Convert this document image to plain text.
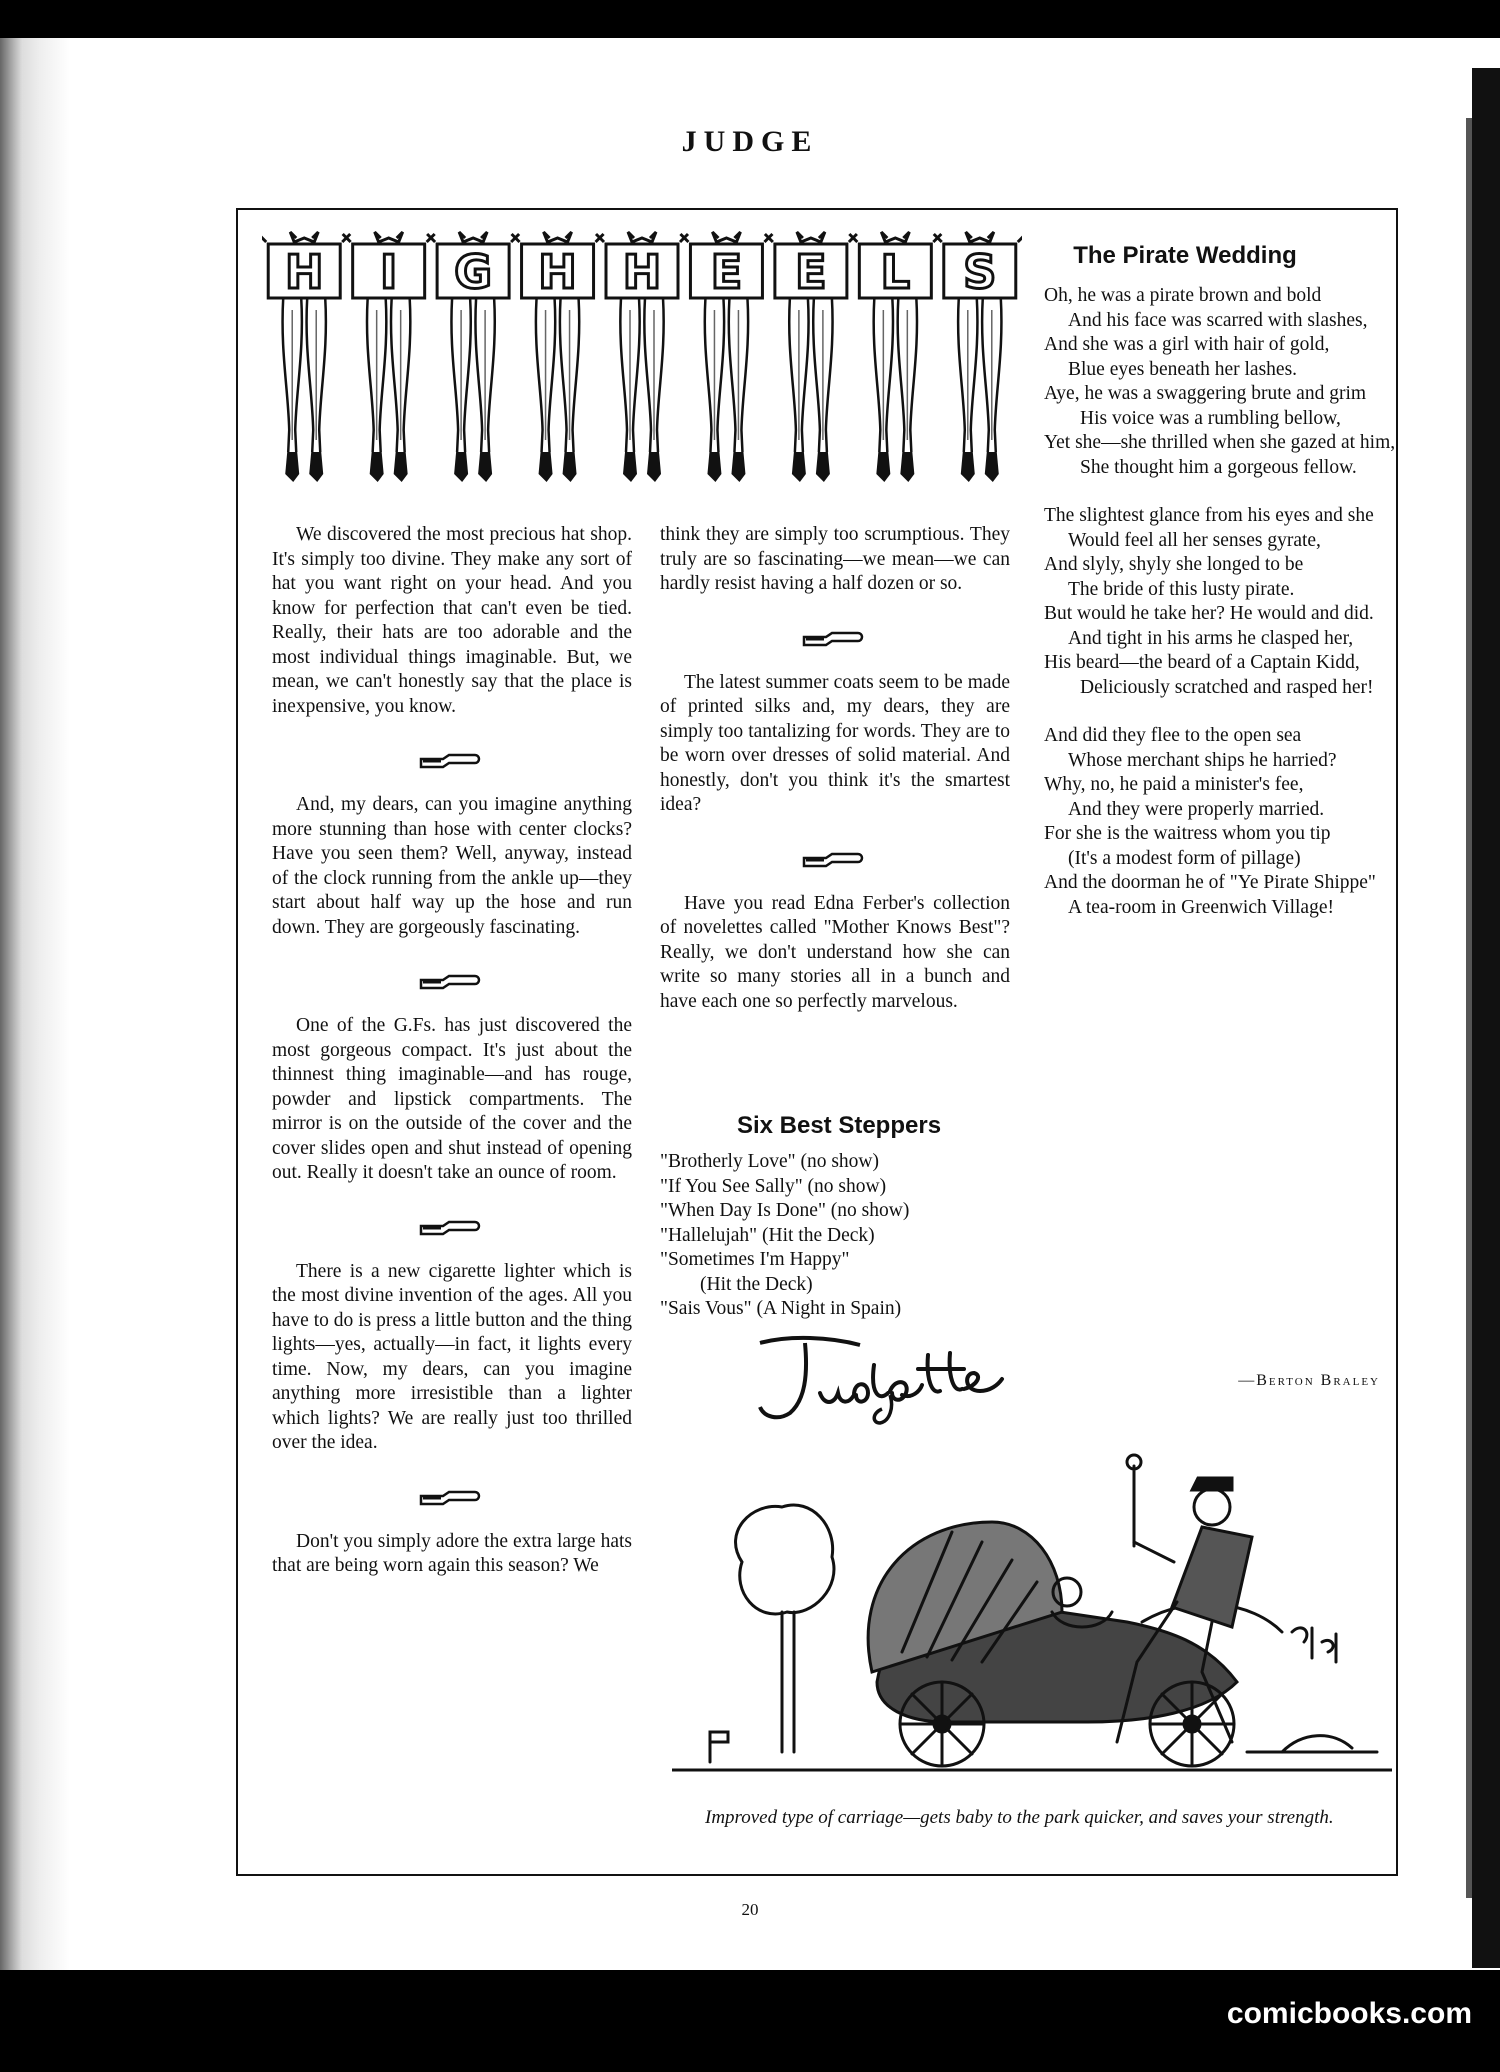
JUDGE
H I G H H E E L S

We discovered the most precious hat shop. It's simply too divine. They make any sort of hat you want right on your head. And you know for perfection that can't even be tied. Really, their hats are too adorable and the most individual things imaginable. But, we mean, we can't honestly say that the place is inexpensive, you know.

And, my dears, can you imagine anything more stunning than hose with center clocks? Have you seen them? Well, anyway, instead of the clock running from the ankle up—they start about half way up the hose and run down. They are gorgeously fascinating.

One of the G.Fs. has just discovered the most gorgeous compact. It's just about the thinnest thing imaginable—and has rouge, powder and lipstick compartments. The mirror is on the outside of the cover and the cover slides open and shut instead of opening out. Really it doesn't take an ounce of room.

There is a new cigarette lighter which is the most divine invention of the ages. All you have to do is press a little button and the thing lights—yes, actually—in fact, it lights every time. Now, my dears, can you imagine anything more irresistible than a lighter which lights? We are really just too thrilled over the idea.

Don't you simply adore the extra large hats that are being worn again this season? We

think they are simply too scrumptious. They truly are so fascinating—we mean—we can hardly resist having a half dozen or so.

The latest summer coats seem to be made of printed silks and, my dears, they are simply too tantalizing for words. They are to be worn over dresses of solid material. And honestly, don't you think it's the smartest idea?

Have you read Edna Ferber's collection of novelettes called "Mother Knows Best"? Really, we don't understand how she can write so many stories all in a bunch and have each one so perfectly marvelous.

Six Best Steppers
"Brotherly Love" (no show)
"If You See Sally" (no show)
"When Day Is Done" (no show)
"Hallelujah" (Hit the Deck)
"Sometimes I'm Happy"
(Hit the Deck)
"Sais Vous" (A Night in Spain)
Judgette
The Pirate Wedding
Oh, he was a pirate brown and bold
And his face was scarred with slashes,
And she was a girl with hair of gold,
Blue eyes beneath her lashes.
Aye, he was a swaggering brute and grim
His voice was a rumbling bellow,
Yet she—she thrilled when she gazed at him,
She thought him a gorgeous fellow.
The slightest glance from his eyes and she
Would feel all her senses gyrate,
And slyly, shyly she longed to be
The bride of this lusty pirate.
But would he take her? He would and did.
And tight in his arms he clasped her,
His beard—the beard of a Captain Kidd,
Deliciously scratched and rasped her!
And did they flee to the open sea
Whose merchant ships he harried?
Why, no, he paid a minister's fee,
And they were properly married.
For she is the waitress whom you tip
(It's a modest form of pillage)
And the doorman he of "Ye Pirate Shippe"
A tea-room in Greenwich Village!
—Berton Braley
Improved type of carriage—gets baby to the park quicker, and saves your strength.
20
comicbooks.com
